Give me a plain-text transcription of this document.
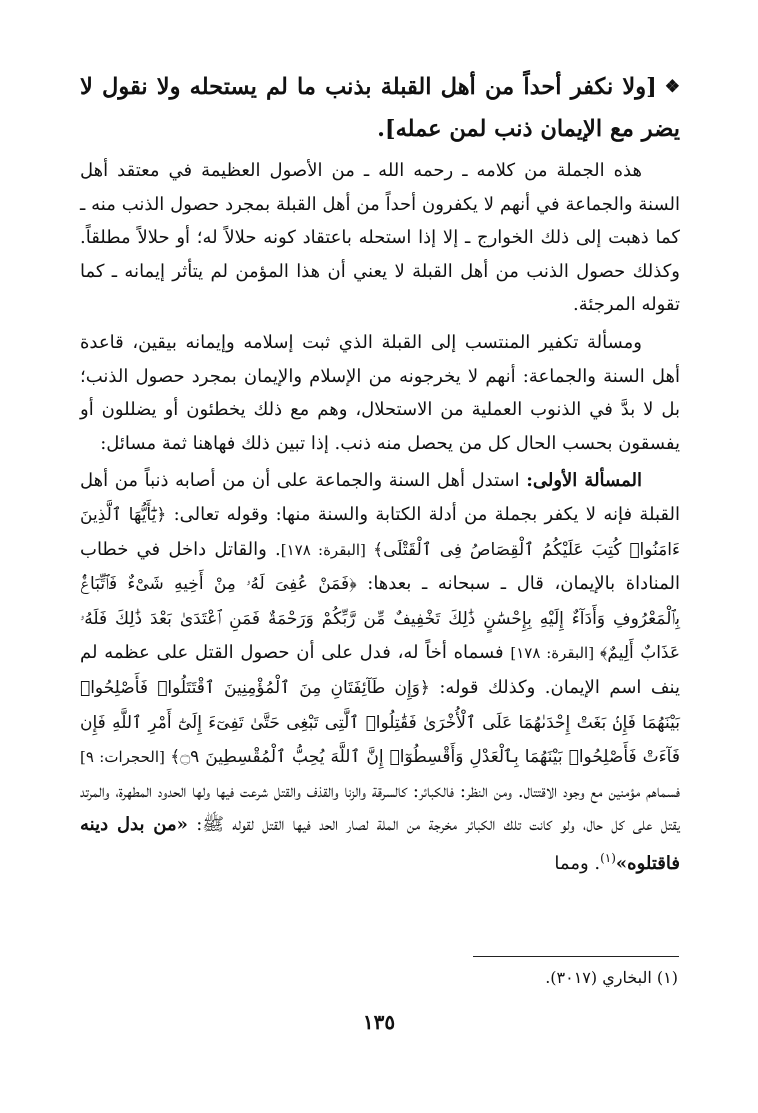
❖[ولا نكفر أحداً من أهل القبلة بذنب ما لم يستحله ولا نقول لا يضر مع الإيمان ذنب لمن عمله].

هذه الجملة من كلامه ـ رحمه الله ـ من الأصول العظيمة في معتقد أهل السنة والجماعة في أنهم لا يكفرون أحداً من أهل القبلة بمجرد حصول الذنب منه ـ كما ذهبت إلى ذلك الخوارج ـ إلا إذا استحله باعتقاد كونه حلالاً له؛ أو حلالاً مطلقاً. وكذلك حصول الذنب من أهل القبلة لا يعني أن هذا المؤمن لم يتأثر إيمانه ـ كما تقوله المرجئة.

ومسألة تكفير المنتسب إلى القبلة الذي ثبت إسلامه وإيمانه بيقين، قاعدة أهل السنة والجماعة: أنهم لا يخرجونه من الإسلام والإيمان بمجرد حصول الذنب؛ بل لا بدَّ في الذنوب العملية من الاستحلال، وهم مع ذلك يخطئون أو يضللون أو يفسقون بحسب الحال كل من يحصل منه ذنب. إذا تبين ذلك فهاهنا ثمة مسائل:

المسألة الأولى: استدل أهل السنة والجماعة على أن من أصابه ذنباً من أهل القبلة فإنه لا يكفر بجملة من أدلة الكتابة والسنة منها: وقوله تعالى: ﴿يَٰٓأَيُّهَا ٱلَّذِينَ ءَامَنُوا۟ كُتِبَ عَلَيْكُمُ ٱلْقِصَاصُ فِى ٱلْقَتْلَى﴾ [البقرة: ١٧٨]. والقاتل داخل في خطاب المناداة بالإيمان، قال ـ سبحانه ـ بعدها: ﴿فَمَنْ عُفِىَ لَهُۥ مِنْ أَخِيهِ شَىْءٌ فَٱتِّبَاعٌۢ بِٱلْمَعْرُوفِ وَأَدَآءٌ إِلَيْهِ بِإِحْسَٰنٍ ذَٰلِكَ تَخْفِيفٌ مِّن رَّبِّكُمْ وَرَحْمَةٌ فَمَنِ ٱعْتَدَىٰ بَعْدَ ذَٰلِكَ فَلَهُۥ عَذَابٌ أَلِيمٌ﴾ [البقرة: ١٧٨] فسماه أخاً له، فدل على أن حصول القتل على عظمه لم ينف اسم الإيمان. وكذلك قوله: ﴿وَإِن طَآئِفَتَانِ مِنَ ٱلْمُؤْمِنِينَ ٱقْتَتَلُوا۟ فَأَصْلِحُوا۟ بَيْنَهُمَا فَإِنۢ بَغَتْ إِحْدَىٰهُمَا عَلَى ٱلْأُخْرَىٰ فَقَٰتِلُوا۟ ٱلَّتِى تَبْغِى حَتَّىٰ تَفِىٓءَ إِلَىٰٓ أَمْرِ ٱللَّهِ فَإِن فَآءَتْ فَأَصْلِحُوا۟ بَيْنَهُمَا بِٱلْعَدْلِ وَأَقْسِطُوٓا۟ إِنَّ ٱللَّهَ يُحِبُّ ٱلْمُقْسِطِينَ ۝٩﴾ [الحجرات: ٩] فسماهم مؤمنين مع وجود الاقتتال. ومن النظر: فالكبائر: كالسرقة والزنا والقذف والقتل شرعت فيها ولها الحدود المطهرة، والمرتد يقتل على كل حال، ولو كانت تلك الكبائر مخرجة من الملة لصار الحد فيها القتل لقوله ﷺ: «من بدل دينه فاقتلوه»$^{(١)}$. ومما

(١) البخاري (٣٠١٧).
١٣٥
